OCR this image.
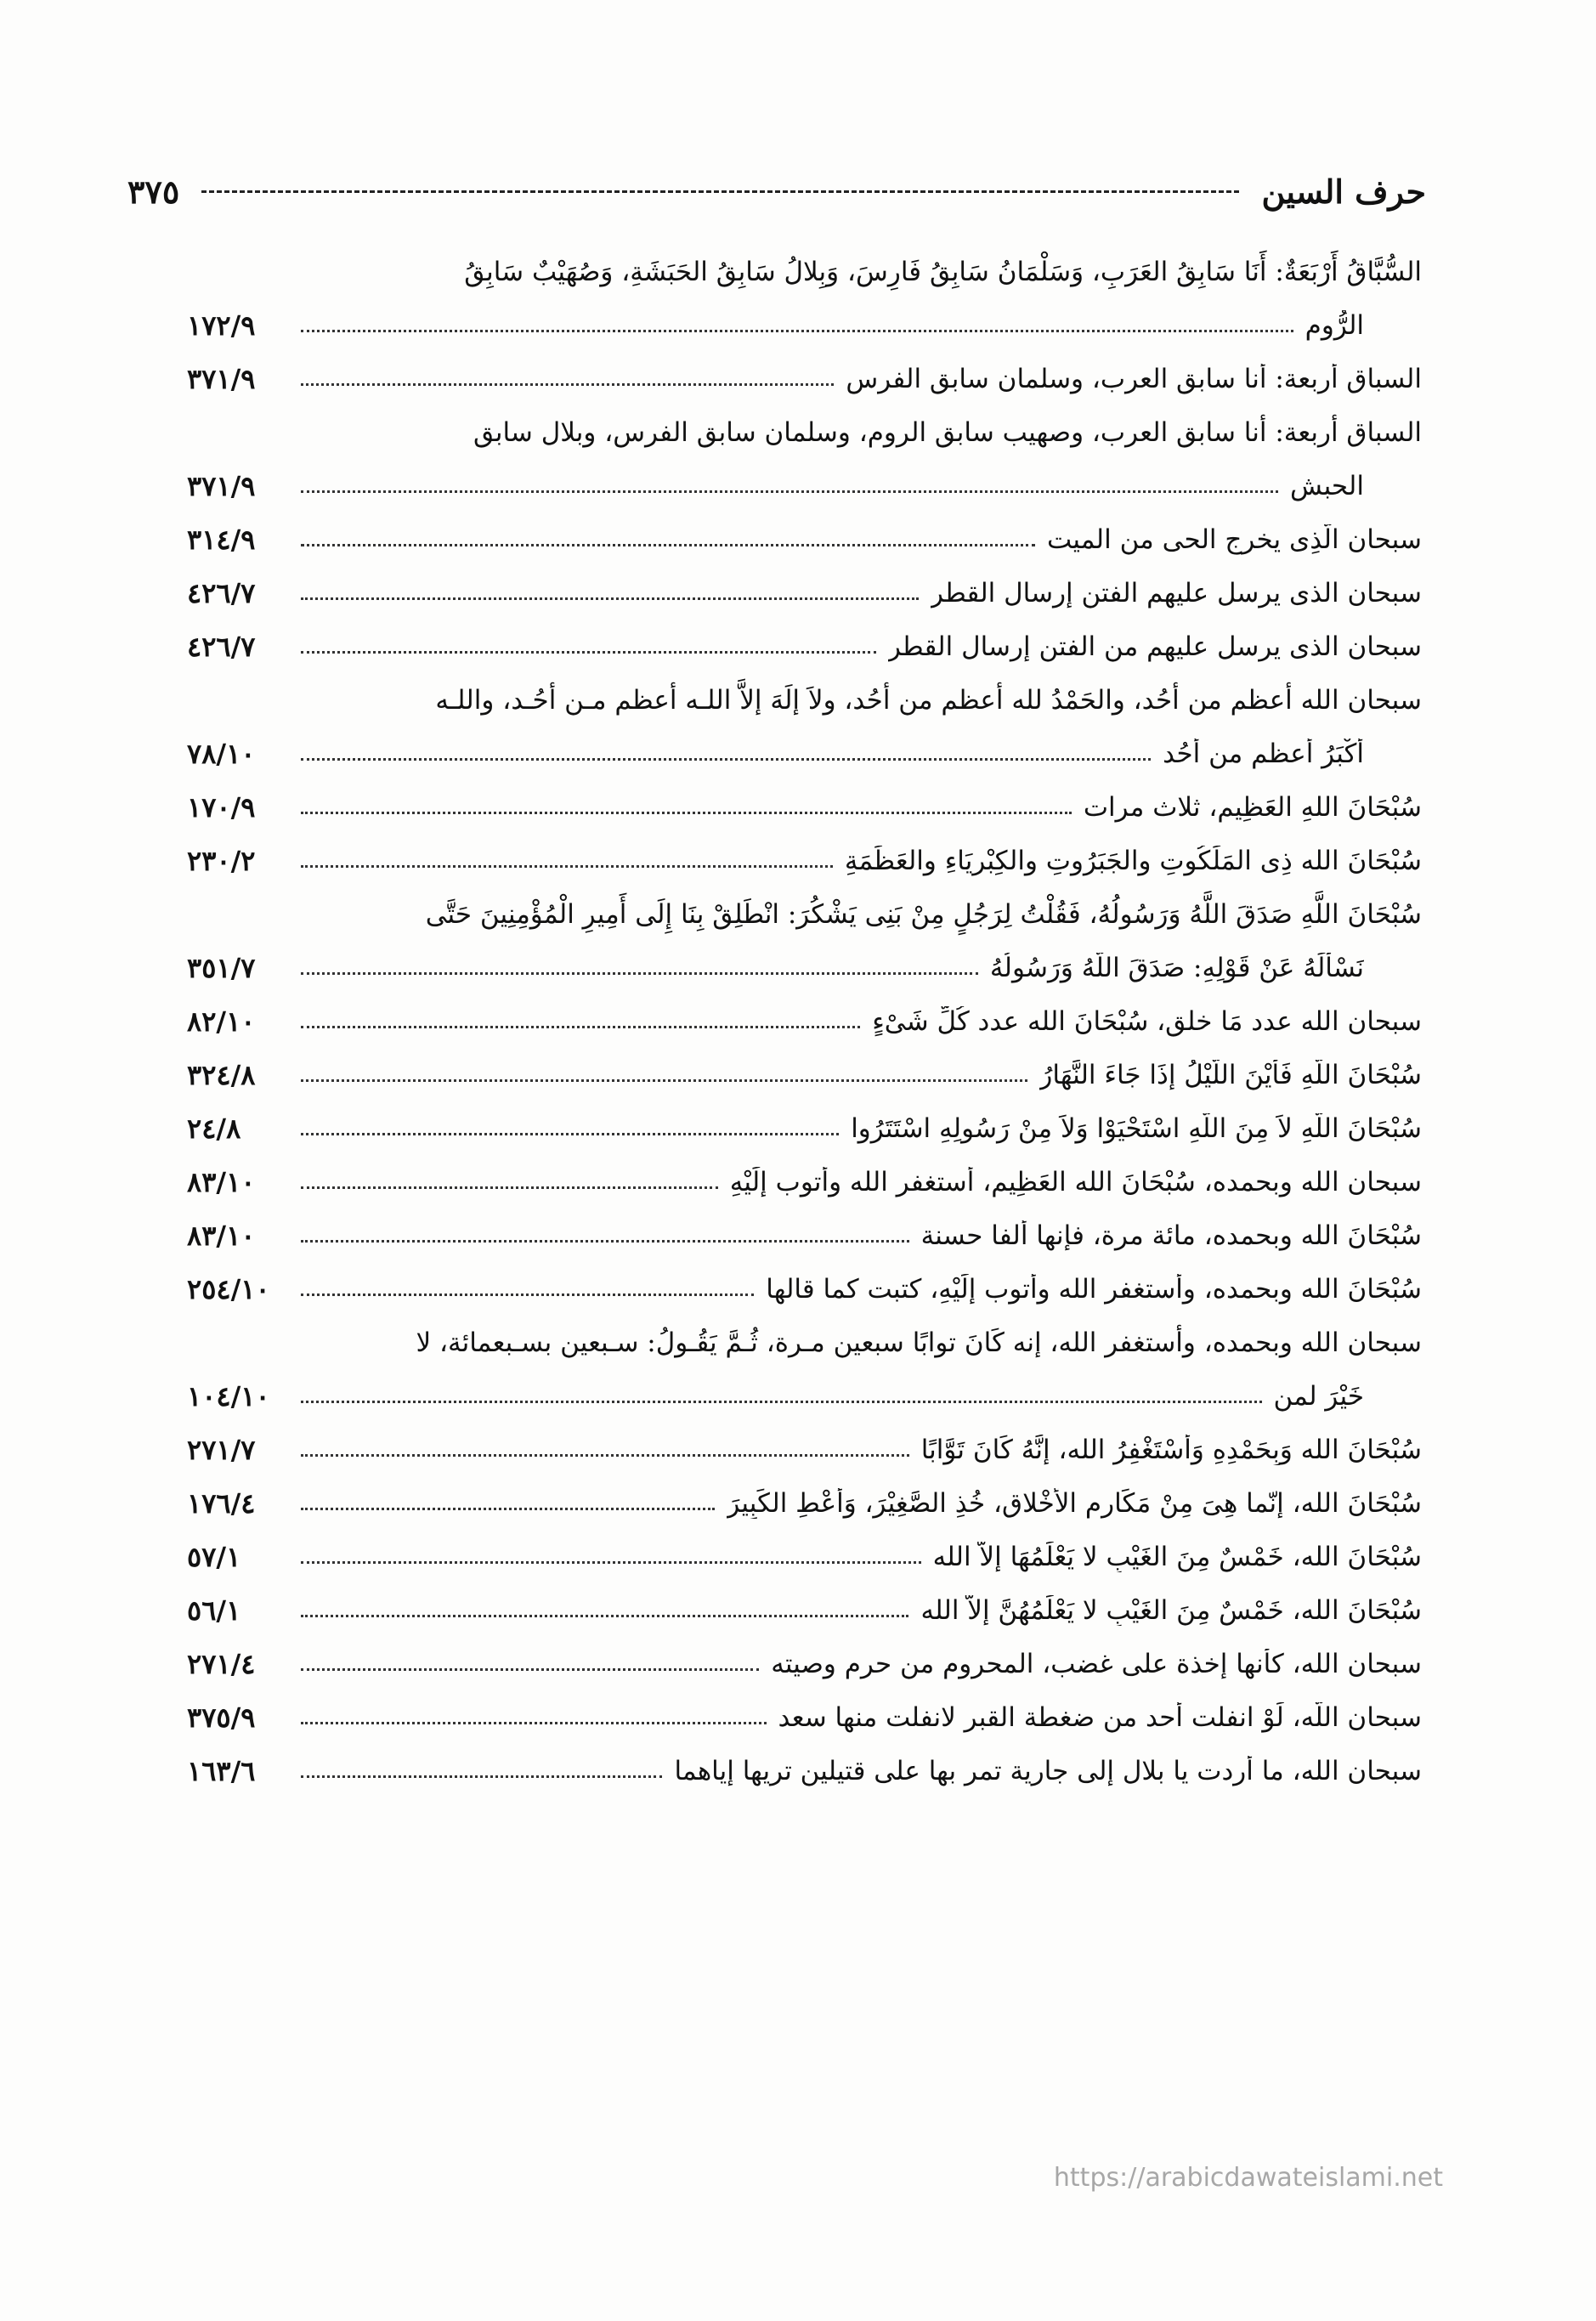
حرف السين
٣٧٥
السُّبَّاقُ أَرْبَعَةٌ: أَنَا سَابِقُ العَرَبِ، وَسَلْمَانُ سَابِقُ فَارِسَ، وَبِلالُ سَابِقُ الحَبَشَةِ، وَصُهَيْبٌ سَابِقُ
الرُّومِ
١٧٢/٩
السباق أربعة: أنا سابق العرب، وسلمان سابق الفرس
٣٧١/٩
السباق أربعة: أنا سابق العرب، وصهيب سابق الروم، وسلمان سابق الفرس، وبلال سابق
الحبش
٣٧١/٩
سبحان الَّذِى يخرج الحى من الميت
٣١٤/٩
سبحان الذى يرسل عليهم الفتن إرسال القطر
٤٢٦/٧
سبحان الذى يرسل عليهم من الفتن إرسال القطر
٤٢٦/٧
سبحان الله أعظم من أحُد، والحَمْدُ لله أعظم من أحُد، ولاَ إلَهَ إلاَّ اللـه أعظم مـن أحُـد، واللـه
أكْبَرُ أعظم من أحُد
٧٨/١٠
سُبْحَانَ اللهِ العَظِيمِ، ثلاث مرات
١٧٠/٩
سُبْحَانَ الله ذِى المَلَكُوتِ والجَبَرُوتِ والكِبْرِيَاءِ والعَظَمَةِ
٢٣٠/٢
سُبْحَانَ اللَّهِ صَدَقَ اللَّهُ وَرَسُولُهُ، فَقُلْتُ لِرَجُلٍ مِنْ بَنِى يَشْكُرَ: انْطَلِقْ بِنَا إِلَى أَمِيرِ الْمُؤْمِنِينَ حَتَّى
نَسْأَلَهُ عَنْ قَوْلِهِ: صَدَقَ اللَّهُ وَرَسُولُهُ
٣٥١/٧
سبحان الله عدد مَا خلق، سُبْحَانَ الله عدد كُلِّ شَىْءٍ
٨٢/١٠
سُبْحَانَ اللَّهِ فَأَيْنَ اللَّيْلُ إِذَا جَاءَ النَّهَارُ
٣٢٤/٨
سُبْحَانَ اللَّهِ لاَ مِنَ اللَّهِ اسْتَحْيَوْا وَلاَ مِنْ رَسُولِهِ اسْتَتَرُوا
٢٤/٨
سبحان الله وبحمده، سُبْحَانَ الله العَظِيمِ، أستغفر الله وأتوب إِلَيْهِ
٨٣/١٠
سُبْحَانَ الله وبحمده، مائة مرة، فإنها ألفا حسنة
٨٣/١٠
سُبْحَانَ الله وبحمده، وأستغفر الله وأتوب إِلَيْهِ، كتبت كما قالها
٢٥٤/١٠
سبحان الله وبحمده، وأستغفر الله، إنه كَانَ توابًا سبعين مـرة، ثُـمَّ يَقُـولُ: سـبعين بسـبعمائة، لا
خَيْرَ لمن
١٠٤/١٠
سُبْحَانَ الله وَبِحَمْدِهِ وَأَسْتَغْفِرُ الله، إِنَّهُ كَانَ تَوَّابًا
٢٧١/٧
سُبْحَانَ الله، إنّما هِىَ مِنْ مَكَارِمِ الأخْلاقِ، خُذِ الصَّغِيْرَ، وَأَعْطِ الكَبِيرَ
١٧٦/٤
سُبْحَانَ الله، خَمْسٌ مِنَ الغَيْبِ لا يَعْلَمُهَا إلاَّ الله
٥٧/١
سُبْحَانَ الله، خَمْسٌ مِنَ الغَيْبِ لا يَعْلَمُهُنَّ إلاّ الله
٥٦/١
سبحان الله، كأنها إخذة على غضب، المحروم من حرم وصيته
٢٧١/٤
سبحان اللَّه، لَوْ انفلت أحد من ضغطة القبر لانفلت منها سعد
٣٧٥/٩
سبحان الله، ما أردت يا بلال إلى جارية تمر بها على قتيلين تريها إياهما
١٦٣/٦
https://arabicdawateislami.net
